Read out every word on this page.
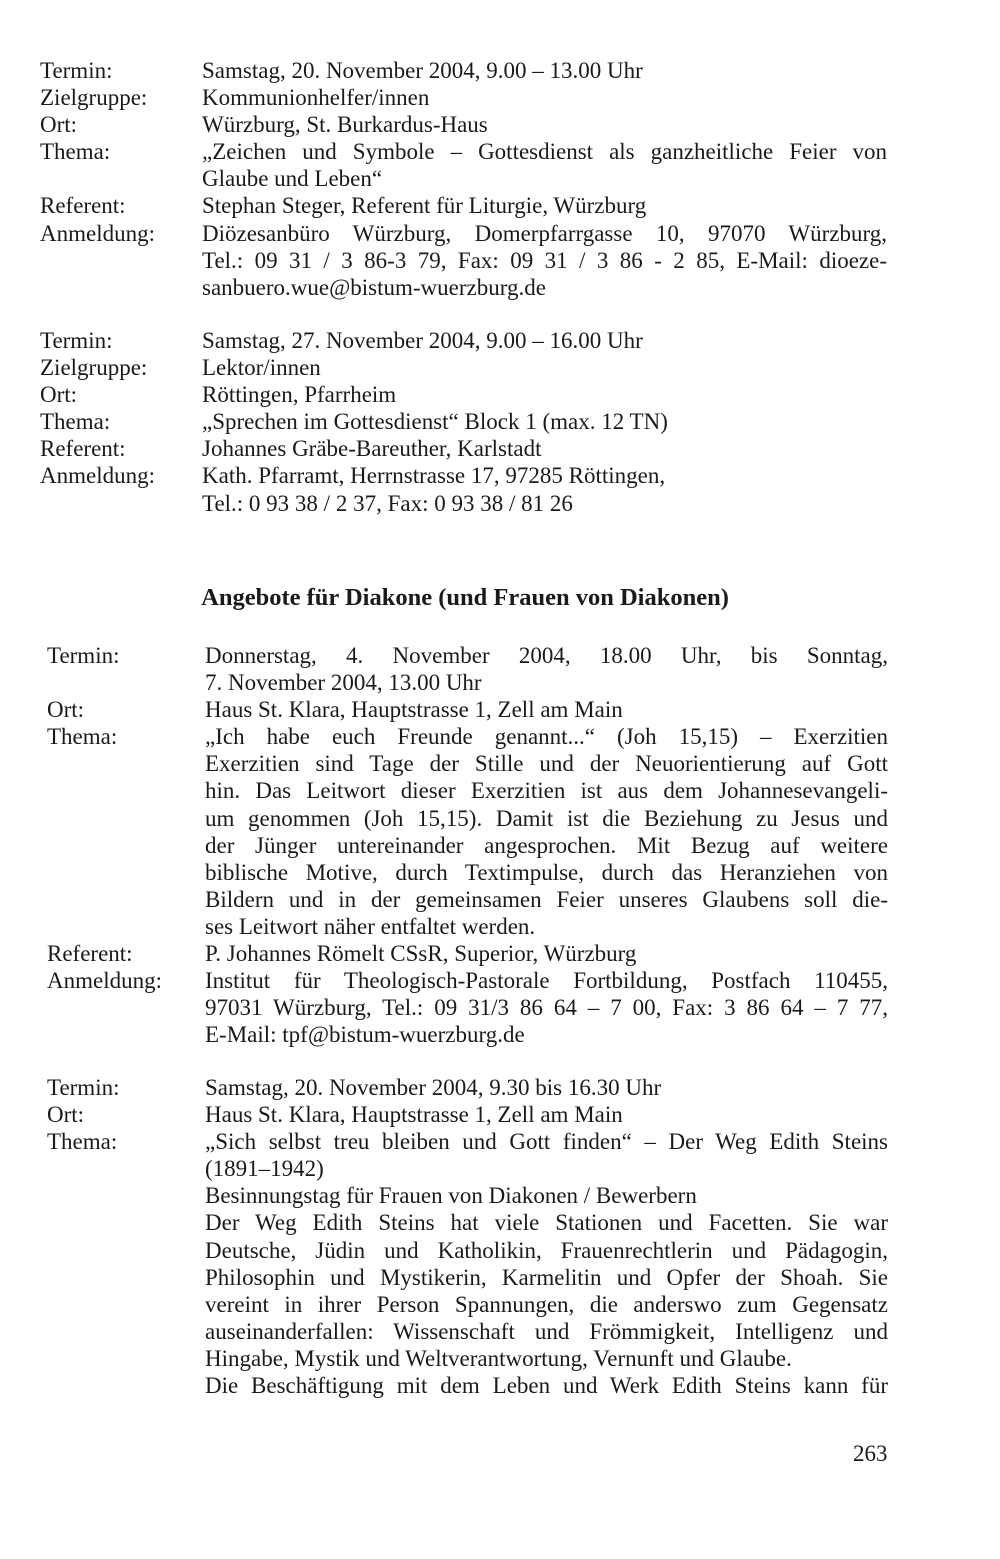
Termin:	Samstag, 20. November 2004, 9.00 – 13.00 Uhr
Zielgruppe:	Kommunionhelfer/innen
Ort:	Würzburg, St. Burkardus-Haus
Thema:	„Zeichen und Symbole – Gottesdienst als ganzheitliche Feier von
Glaube und Leben“
Referent:	Stephan Steger, Referent für Liturgie, Würzburg
Anmeldung:	Diözesanbüro Würzburg, Domerpfarrgasse 10, 97070 Würzburg,
Tel.: 09 31 / 3 86-3 79, Fax: 09 31 / 3 86 - 2 85, E-Mail: dioeze-
sanbuero.wue@bistum-wuerzburg.de
Termin:	Samstag, 27. November 2004, 9.00 – 16.00 Uhr
Zielgruppe:	Lektor/innen
Ort:	Röttingen, Pfarrheim
Thema:	„Sprechen im Gottesdienst“ Block 1 (max. 12 TN)
Referent:	Johannes Gräbe-Bareuther, Karlstadt
Anmeldung:	Kath. Pfarramt, Herrnstrasse 17, 97285 Röttingen,
Tel.: 0 93 38 / 2 37, Fax: 0 93 38 / 81 26
Angebote für Diakone (und Frauen von Diakonen)
Termin:	Donnerstag, 4. November 2004, 18.00 Uhr, bis Sonntag,
7. November 2004, 13.00 Uhr
Ort:	Haus St. Klara, Hauptstrasse 1, Zell am Main
Thema:	„Ich habe euch Freunde genannt...“ (Joh 15,15) – Exerzitien
Exerzitien sind Tage der Stille und der Neuorientierung auf Gott
hin. Das Leitwort dieser Exerzitien ist aus dem Johannesevangeli-
um genommen (Joh 15,15). Damit ist die Beziehung zu Jesus und
der Jünger untereinander angesprochen. Mit Bezug auf weitere
biblische Motive, durch Textimpulse, durch das Heranziehen von
Bildern und in der gemeinsamen Feier unseres Glaubens soll die-
ses Leitwort näher entfaltet werden.
Referent:	P. Johannes Römelt CSsR, Superior, Würzburg
Anmeldung:	Institut für Theologisch-Pastorale Fortbildung, Postfach 110455,
97031 Würzburg, Tel.: 09 31/3 86 64 – 7 00, Fax: 3 86 64 – 7 77,
E-Mail: tpf@bistum-wuerzburg.de
Termin:	Samstag, 20. November 2004, 9.30 bis 16.30 Uhr
Ort:	Haus St. Klara, Hauptstrasse 1, Zell am Main
Thema:	„Sich selbst treu bleiben und Gott finden“ – Der Weg Edith Steins
(1891–1942)
Besinnungstag für Frauen von Diakonen / Bewerbern
Der Weg Edith Steins hat viele Stationen und Facetten. Sie war
Deutsche, Jüdin und Katholikin, Frauenrechtlerin und Pädagogin,
Philosophin und Mystikerin, Karmelitin und Opfer der Shoah. Sie
vereint in ihrer Person Spannungen, die anderswo zum Gegensatz
auseinanderfallen: Wissenschaft und Frömmigkeit, Intelligenz und
Hingabe, Mystik und Weltverantwortung, Vernunft und Glaube.
Die Beschäftigung mit dem Leben und Werk Edith Steins kann für
263
